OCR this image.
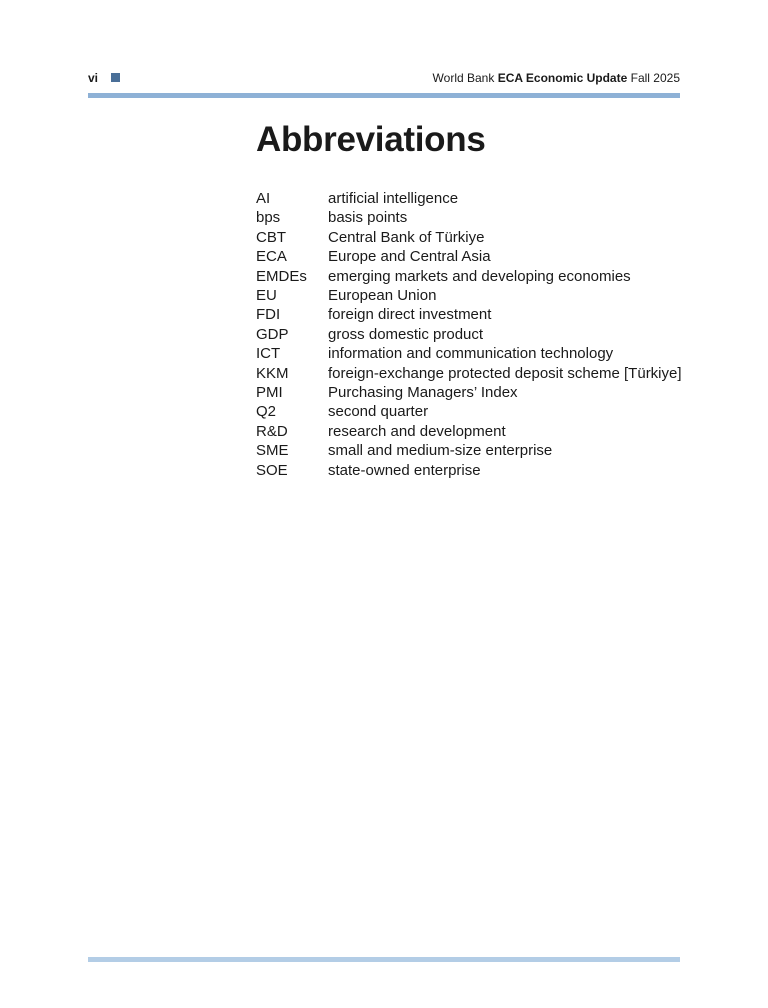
vi	World Bank ECA Economic Update Fall 2025
Abbreviations
AI	artificial intelligence
bps	basis points
CBT	Central Bank of Türkiye
ECA	Europe and Central Asia
EMDEs	emerging markets and developing economies
EU	European Union
FDI	foreign direct investment
GDP	gross domestic product
ICT	information and communication technology
KKM	foreign-exchange protected deposit scheme [Türkiye]
PMI	Purchasing Managers’ Index
Q2	second quarter
R&D	research and development
SME	small and medium-size enterprise
SOE	state-owned enterprise
